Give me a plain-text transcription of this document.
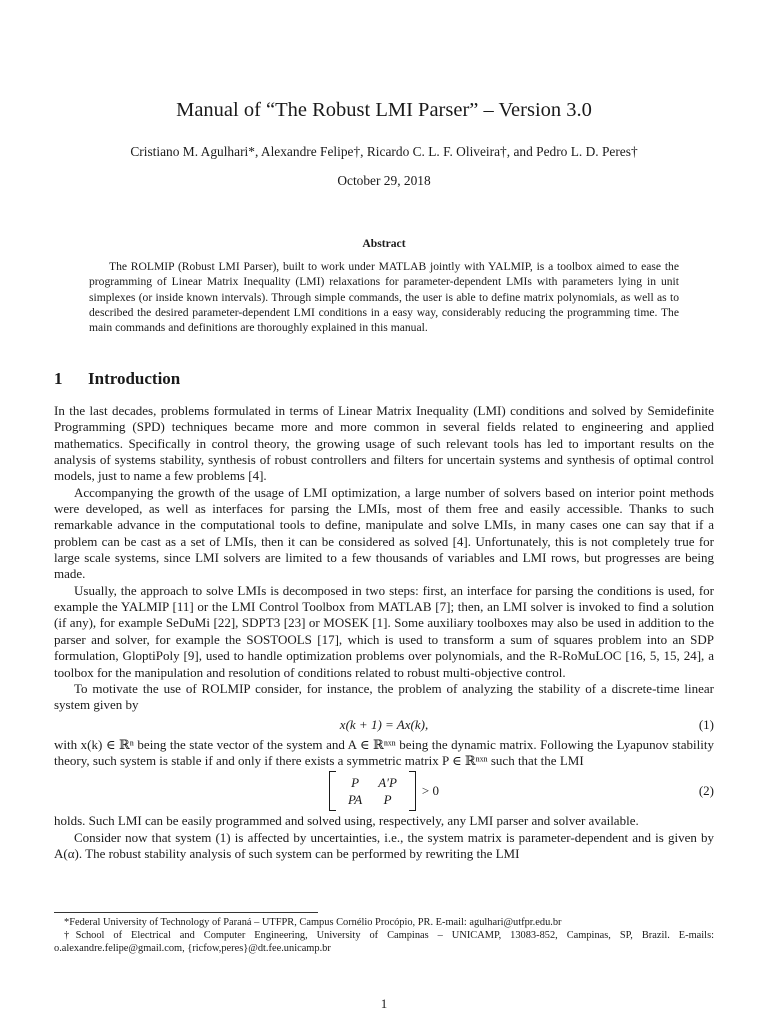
Manual of “The Robust LMI Parser” – Version 3.0
Cristiano M. Agulhari*, Alexandre Felipe†, Ricardo C. L. F. Oliveira†, and Pedro L. D. Peres†
October 29, 2018
Abstract

The ROLMIP (Robust LMI Parser), built to work under MATLAB jointly with YALMIP, is a toolbox aimed to ease the programming of Linear Matrix Inequality (LMI) relaxations for parameter-dependent LMIs with parameters lying in unit simplexes (or inside known intervals). Through simple commands, the user is able to define matrix polynomials, as well as to described the desired parameter-dependent LMI conditions in a easy way, considerably reducing the programming time. The main commands and definitions are thoroughly explained in this manual.

1 Introduction

In the last decades, problems formulated in terms of Linear Matrix Inequality (LMI) conditions and solved by Semidefinite Programming (SPD) techniques became more and more common in several fields related to engineering and applied mathematics. Specifically in control theory, the growing usage of such relevant tools has led to important results on the analysis of systems stability, synthesis of robust controllers and filters for uncertain systems and synthesis of optimal control models, just to name a few problems [4].

Accompanying the growth of the usage of LMI optimization, a large number of solvers based on interior point methods were developed, as well as interfaces for parsing the LMIs, most of them free and easily accessible. Thanks to such remarkable advance in the computational tools to define, manipulate and solve LMIs, in many cases one can say that if a problem can be cast as a set of LMIs, then it can be considered as solved [4]. Unfortunately, this is not completely true for large scale systems, since LMI solvers are limited to a few thousands of variables and LMI rows, but progresses are being made.

Usually, the approach to solve LMIs is decomposed in two steps: first, an interface for parsing the conditions is used, for example the YALMIP [11] or the LMI Control Toolbox from MATLAB [7]; then, an LMI solver is invoked to find a solution (if any), for example SeDuMi [22], SDPT3 [23] or MOSEK [1]. Some auxiliary toolboxes may also be used in addition to the parser and solver, for example the SOSTOOLS [17], which is used to transform a sum of squares problem into an SDP formulation, GloptiPoly [9], used to handle optimization problems over polynomials, and the R-RoMuLOC [16, 5, 15, 24], a toolbox for the manipulation and resolution of conditions related to robust multi-objective control.

To motivate the use of ROLMIP consider, for instance, the problem of analyzing the stability of a discrete-time linear system given by

x(k + 1) = Ax(k),	(1)

with x(k) ∈ ℝⁿ being the state vector of the system and A ∈ ℝⁿˣⁿ being the dynamic matrix. Following the Lyapunov stability theory, such system is stable if and only if there exists a symmetric matrix P ∈ ℝⁿˣⁿ such that the LMI

P	A′P
PA	P
> 0	(2)

holds. Such LMI can be easily programmed and solved using, respectively, any LMI parser and solver available.

Consider now that system (1) is affected by uncertainties, i.e., the system matrix is parameter-dependent and is given by A(α). The robust stability analysis of such system can be performed by rewriting the LMI

*Federal University of Technology of Paraná – UTFPR, Campus Cornélio Procópio, PR. E-mail: agulhari@utfpr.edu.br

†School of Electrical and Computer Engineering, University of Campinas – UNICAMP, 13083-852, Campinas, SP, Brazil. E-mails: o.alexandre.felipe@gmail.com, {ricfow,peres}@dt.fee.unicamp.br

1
